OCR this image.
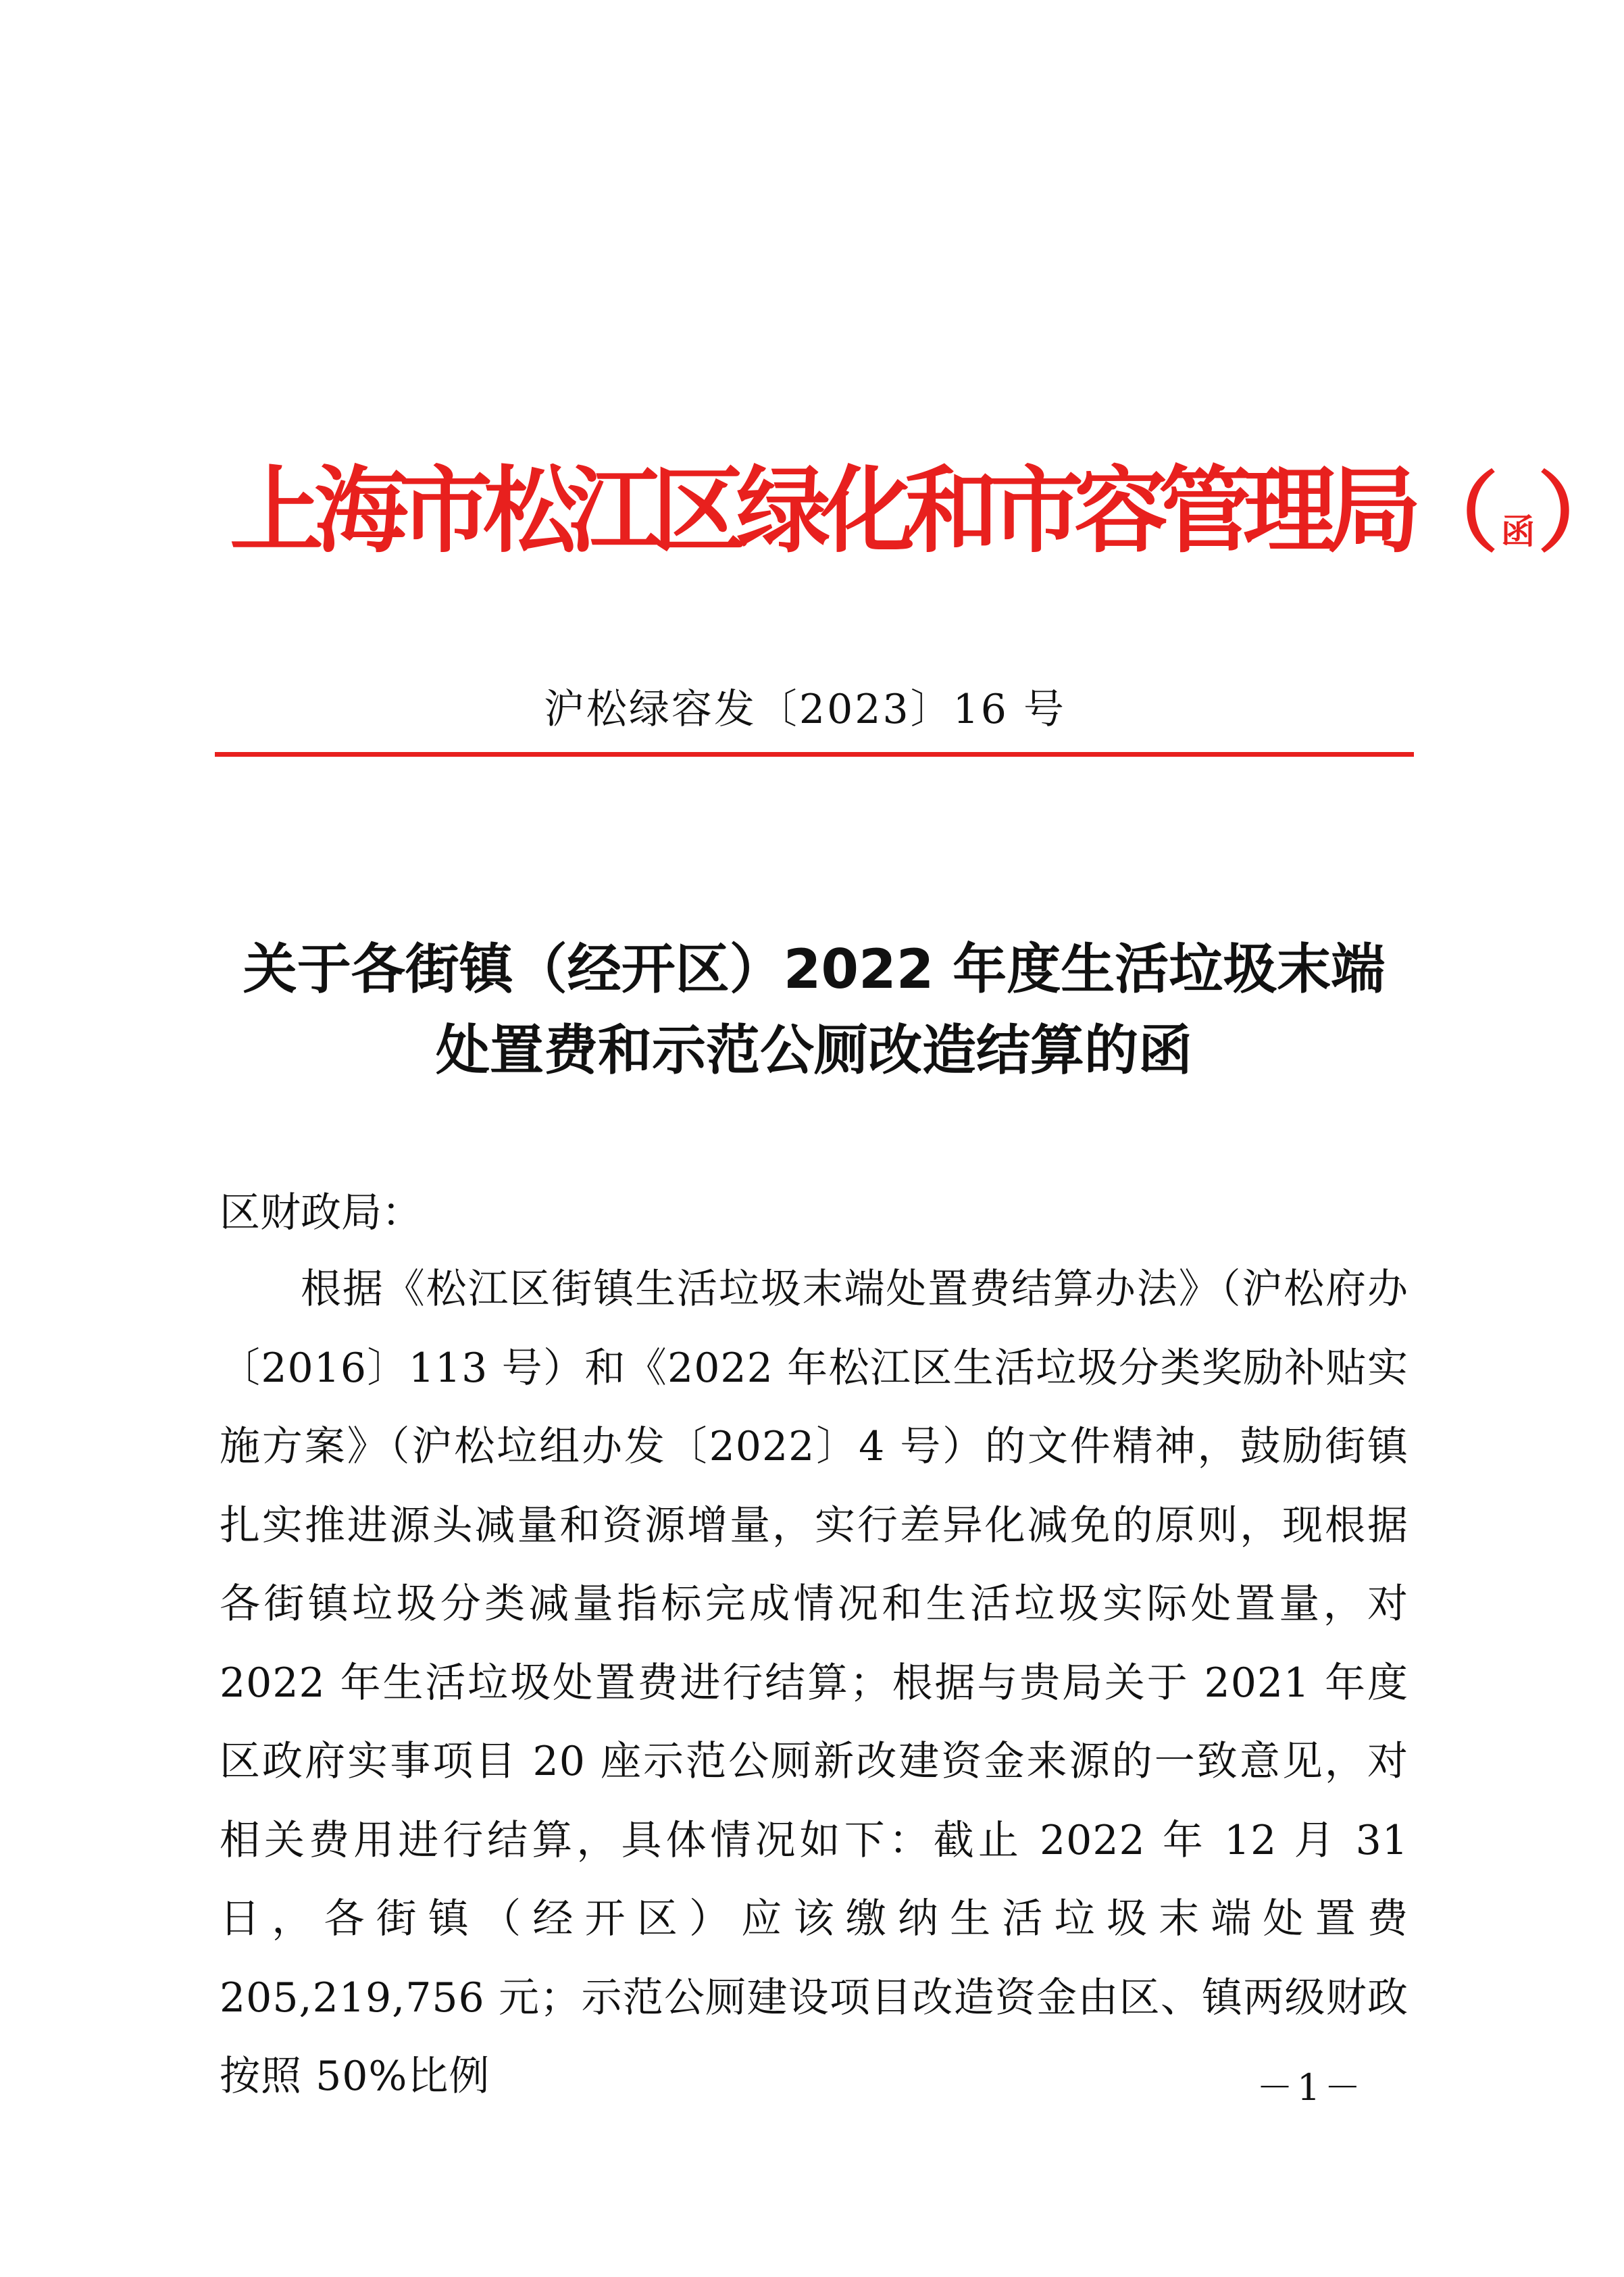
上海市松江区绿化和市容管理局 （ 函 ）
沪松绿容发〔2023〕16 号
关于各街镇（经开区）2022 年度生活垃圾末端
处置费和示范公厕改造结算的函
区财政局：
根据《松江区街镇生活垃圾末端处置费结算办法》（沪松府办〔2016〕113 号）和《2022 年松江区生活垃圾分类奖励补贴实施方案》（沪松垃组办发〔2022〕4 号）的文件精神，鼓励街镇扎实推进源头减量和资源增量，实行差异化减免的原则，现根据各街镇垃圾分类减量指标完成情况和生活垃圾实际处置量，对 2022 年生活垃圾处置费进行结算；根据与贵局关于 2021 年度区政府实事项目 20 座示范公厕新改建资金来源的一致意见，对相关费用进行结算，具体情况如下：截止 2022 年 12 月 31 日，各街镇（经开区）应该缴纳生活垃圾末端处置费 205,219,756 元；示范公厕建设项目改造资金由区、镇两级财政按照 50%比例	－1－
